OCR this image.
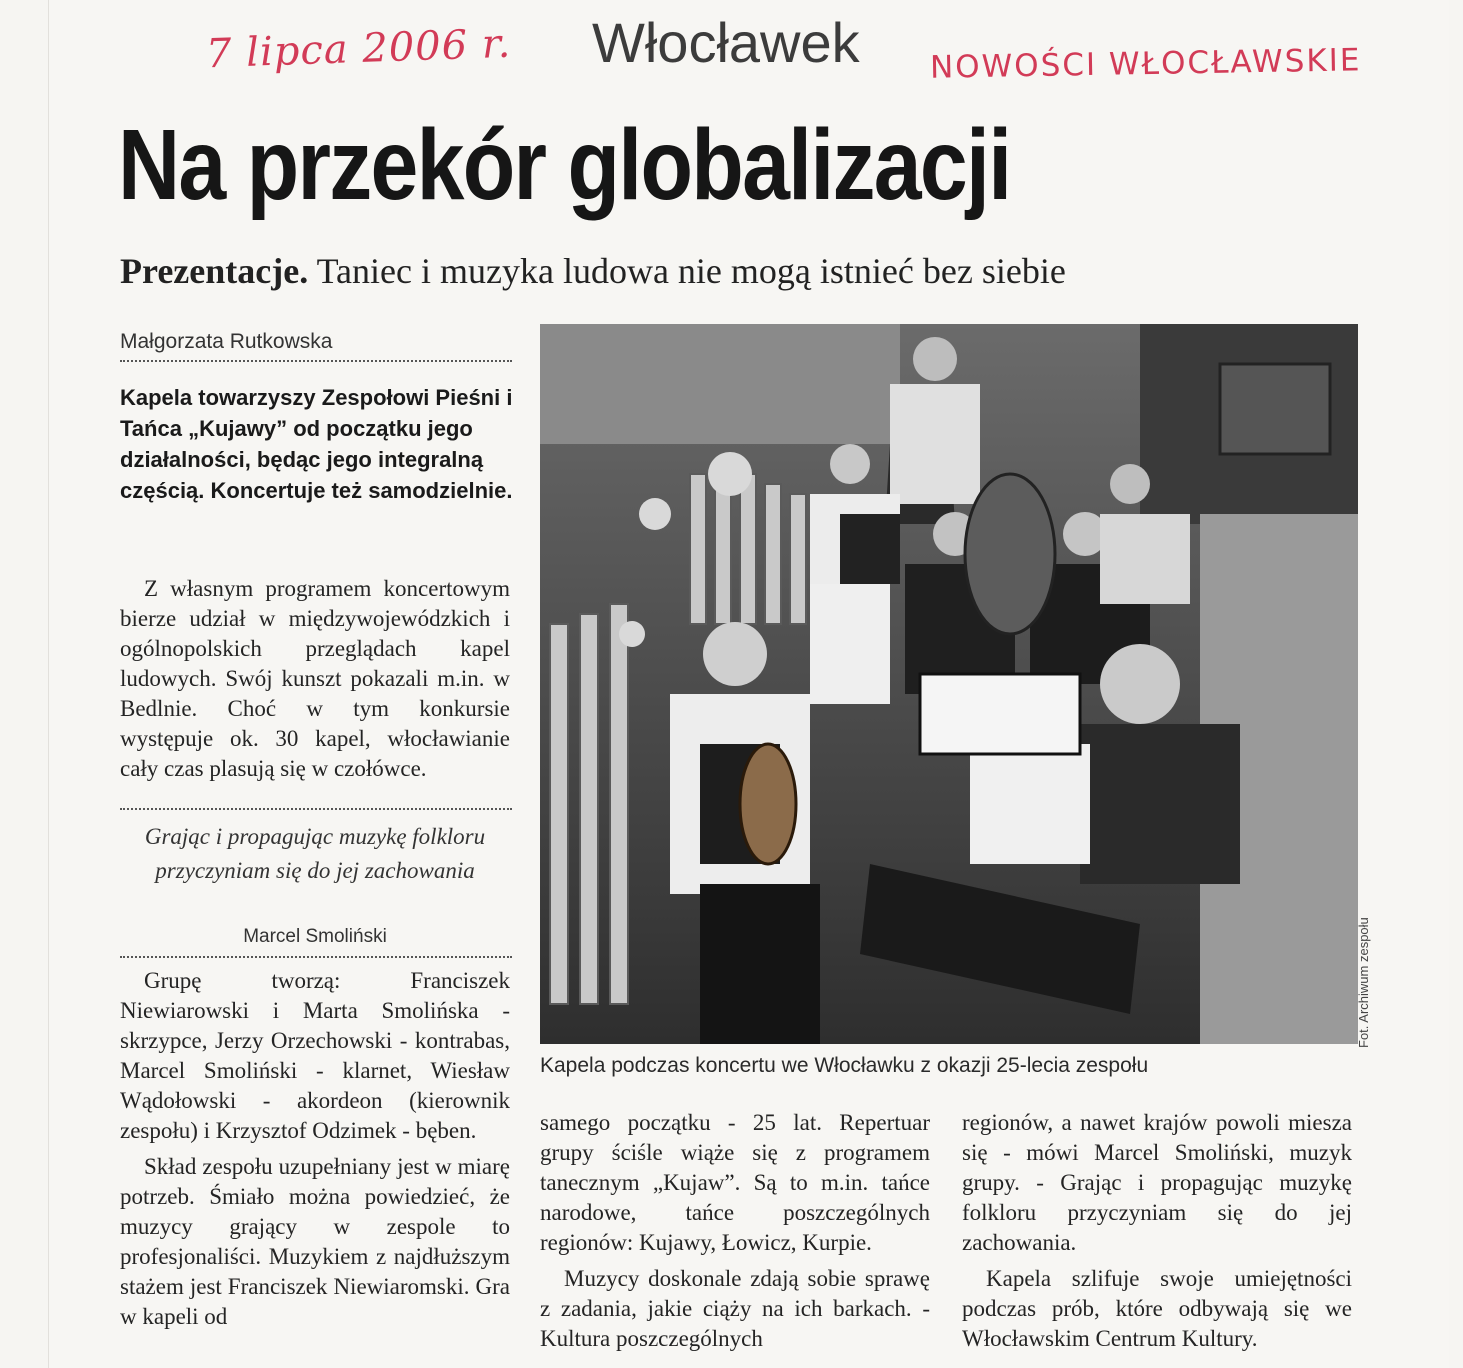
7 lipca 2006 r.	NOWOŚCI WŁOCŁAWSKIE
Włocławek
Na przekór globalizacji
Prezentacje. Taniec i muzyka ludowa nie mogą istnieć bez siebie
Małgorzata Rutkowska
Kapela towarzyszy Zespołowi Pieśni i Tańca „Kujawy” od początku jego działalności, będąc jego integralną częścią. Koncertuje też samodzielnie.

Z własnym programem koncertowym bierze udział w międzywojewódzkich i ogólnopolskich przeglądach kapel ludowych. Swój kunszt pokazali m.in. w Bedlnie. Choć w tym konkursie występuje ok. 30 kapel, włocławianie cały czas plasują się w czołówce.

Grając i propagując muzykę folkloru przyczyniam się do jej zachowania
Marcel Smoliński

Grupę tworzą: Franciszek Niewiarowski i Marta Smolińska - skrzypce, Jerzy Orzechowski - kontrabas, Marcel Smoliński - klarnet, Wiesław Wądołowski - akordeon (kierownik zespołu) i Krzysztof Odzimek - bęben.

Skład zespołu uzupełniany jest w miarę potrzeb. Śmiało można powiedzieć, że muzycy grający w zespole to profesjonaliści. Muzykiem z najdłuższym stażem jest Franciszek Niewiaromski. Gra w kapeli od

Fot. Archiwum zespołu
Kapela podczas koncertu we Włocławku z okazji 25-lecia zespołu

samego początku - 25 lat. Repertuar grupy ściśle wiąże się z programem tanecznym „Kujaw”. Są to m.in. tańce narodowe, tańce poszczególnych regionów: Kujawy, Łowicz, Kurpie.

Muzycy doskonale zdają sobie sprawę z zadania, jakie ciąży na ich barkach. - Kultura poszczególnych

regionów, a nawet krajów powoli miesza się - mówi Marcel Smoliński, muzyk grupy. - Grając i propagując muzykę folkloru przyczyniam się do jej zachowania.

Kapela szlifuje swoje umiejętności podczas prób, które odbywają się we Włocławskim Centrum Kultury.
